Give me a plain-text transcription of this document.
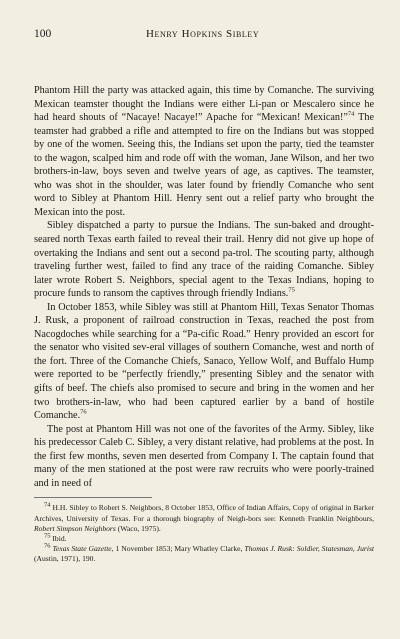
100	Henry Hopkins Sibley

Phantom Hill the party was attacked again, this time by Comanche. The surviving Mexican teamster thought the Indians were either Li-pan or Mescalero since he had heard shouts of “Nacaye! Nacaye!” Apache for “Mexican! Mexican!”$^{74}$ The teamster had grabbed a rifle and attempted to fire on the Indians but was stopped by one of the women. Seeing this, the Indians set upon the party, tied the teamster to the wagon, scalped him and rode off with the woman, Jane Wilson, and her two brothers-in-law, boys seven and twelve years of age, as captives. The teamster, who was shot in the shoulder, was later found by friendly Comanche who sent word to Sibley at Phantom Hill. Henry sent out a relief party who brought the Mexican into the post.

Sibley dispatched a party to pursue the Indians. The sun-baked and drought-seared north Texas earth failed to reveal their trail. Henry did not give up hope of overtaking the Indians and sent out a second pa-trol. The scouting party, although traveling further west, failed to find any trace of the raiding Comanche. Sibley later wrote Robert S. Neighbors, special agent to the Texas Indians, hoping to procure funds to ransom the captives through friendly Indians.$^{75}$

In October 1853, while Sibley was still at Phantom Hill, Texas Senator Thomas J. Rusk, a proponent of railroad construction in Texas, reached the post from Nacogdoches while searching for a “Pa-cific Road.” Henry provided an escort for the senator who visited sev-eral villages of southern Comanche, west and north of the fort. Three of the Comanche Chiefs, Sanaco, Yellow Wolf, and Buffalo Hump were reported to be “perfectly friendly,” presenting Sibley and the senator with gifts of beef. The chiefs also promised to secure and bring in the women and her two brothers-in-law, who had been captured earlier by a band of hostile Comanche.$^{76}$

The post at Phantom Hill was not one of the favorites of the Army. Sibley, like his predecessor Caleb C. Sibley, a very distant relative, had problems at the post. In the first few months, seven men deserted from Company I. The captain found that many of the men stationed at the post were raw recruits who were poorly-trained and in need of

$^{74}$ H.H. Sibley to Robert S. Neighbors, 8 October 1853, Office of Indian Affairs, Copy of original in Barker Archives, University of Texas. For a thorough biography of Neigh-bors see: Kenneth Franklin Neighbours, Robert Simpson Neighbors (Waco, 1975).

$^{75}$ Ibid.

$^{76}$ Texas State Gazette, 1 November 1853; Mary Whatley Clarke, Thomas J. Rusk: Soldier, Statesman, Jurist (Austin, 1971), 190.
